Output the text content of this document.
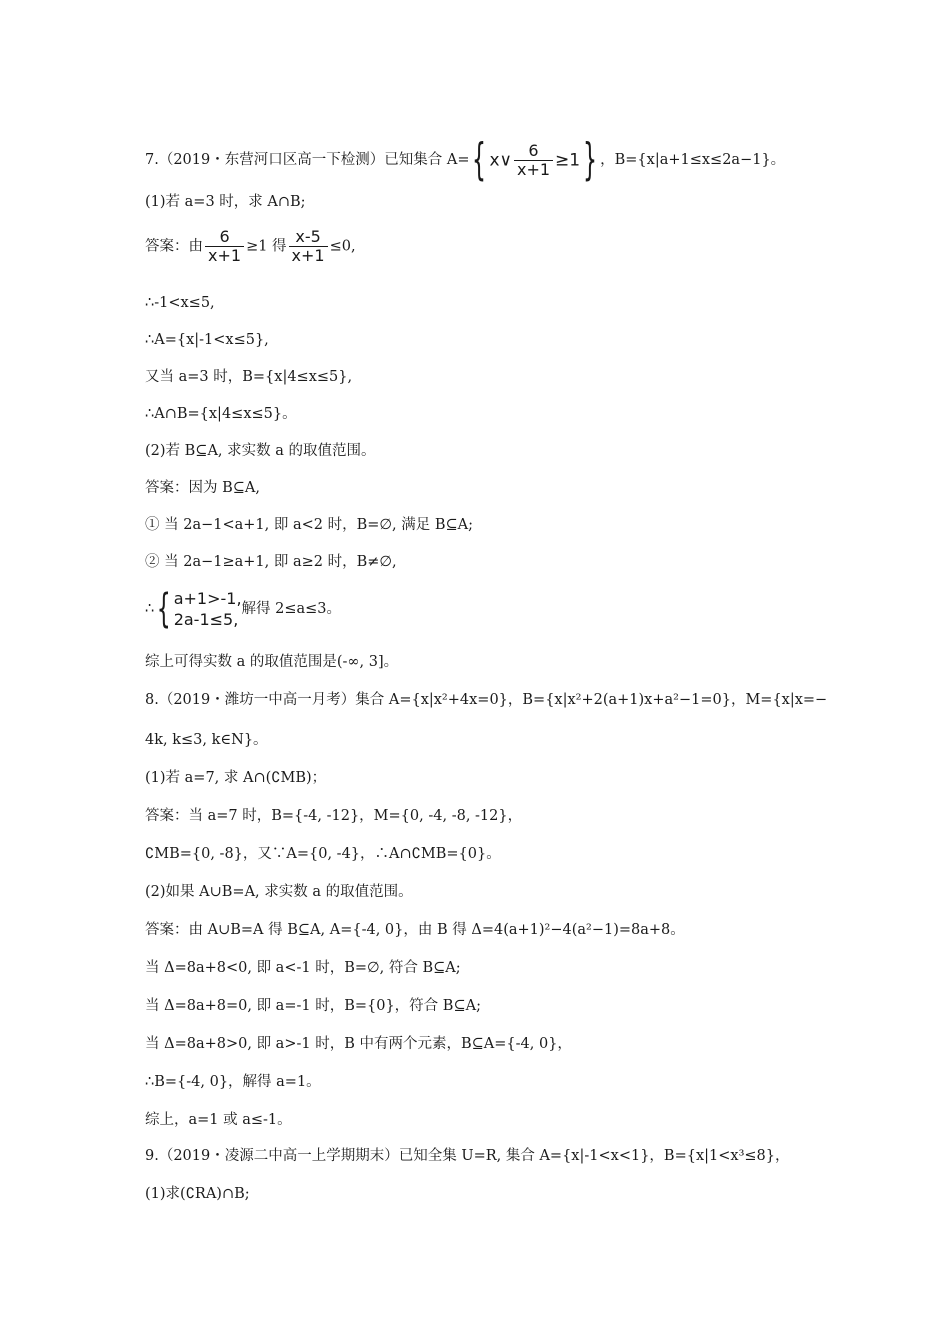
7.（2019・东营河口区高一下检测）已知集合 A={ x∨ $\frac{6}{x+1} \ge 1$} ，B={x|a+1≤x≤2a−1}。
(1)若 a=3 时，求 A∩B;
答案：由 $\frac{6}{x+1} \ge 1$ 得 $\frac{x-5}{x+1} \le 0$,
∴-1<x≤5,
∴A={x|-1<x≤5},
又当 a=3 时，B={x|4≤x≤5},
∴A∩B={x|4≤x≤5}。
(2)若 B⊆A, 求实数 a 的取值范围。
答案：因为 B⊆A,
① 当 2a−1<a+1, 即 a<2 时，B=∅, 满足 B⊆A;
② 当 2a−1≥a+1, 即 a≥2 时，B≠∅,
∴{ a+1>-1,
2a-1≤5,
解得 2≤a≤3。
综上可得实数 a 的取值范围是(-∞, 3]。
8.（2019・潍坊一中高一月考）集合 A={x|x²+4x=0}，B={x|x²+2(a+1)x+a²−1=0}，M={x|x=−
4k, k≤3, k∈N}。
(1)若 a=7, 求 A∩(∁MB)；
答案：当 a=7 时，B={-4, -12}，M={0, -4, -8, -12}，
∁MB={0, -8}，又∵A={0, -4}，∴A∩∁MB={0}。
(2)如果 A∪B=A, 求实数 a 的取值范围。
答案：由 A∪B=A 得 B⊆A, A={-4, 0}，由 B 得 Δ=4(a+1)²−4(a²−1)=8a+8。
当 Δ=8a+8<0, 即 a<-1 时，B=∅, 符合 B⊆A;
当 Δ=8a+8=0, 即 a=-1 时，B={0}，符合 B⊆A;
当 Δ=8a+8>0, 即 a>-1 时，B 中有两个元素，B⊆A={-4, 0}，
∴B={-4, 0}，解得 a=1。
综上，a=1 或 a≤-1。
9.（2019・凌源二中高一上学期期末）已知全集 U=R, 集合 A={x|-1<x<1}，B={x|1<x³≤8}，
(1)求(∁RA)∩B;
